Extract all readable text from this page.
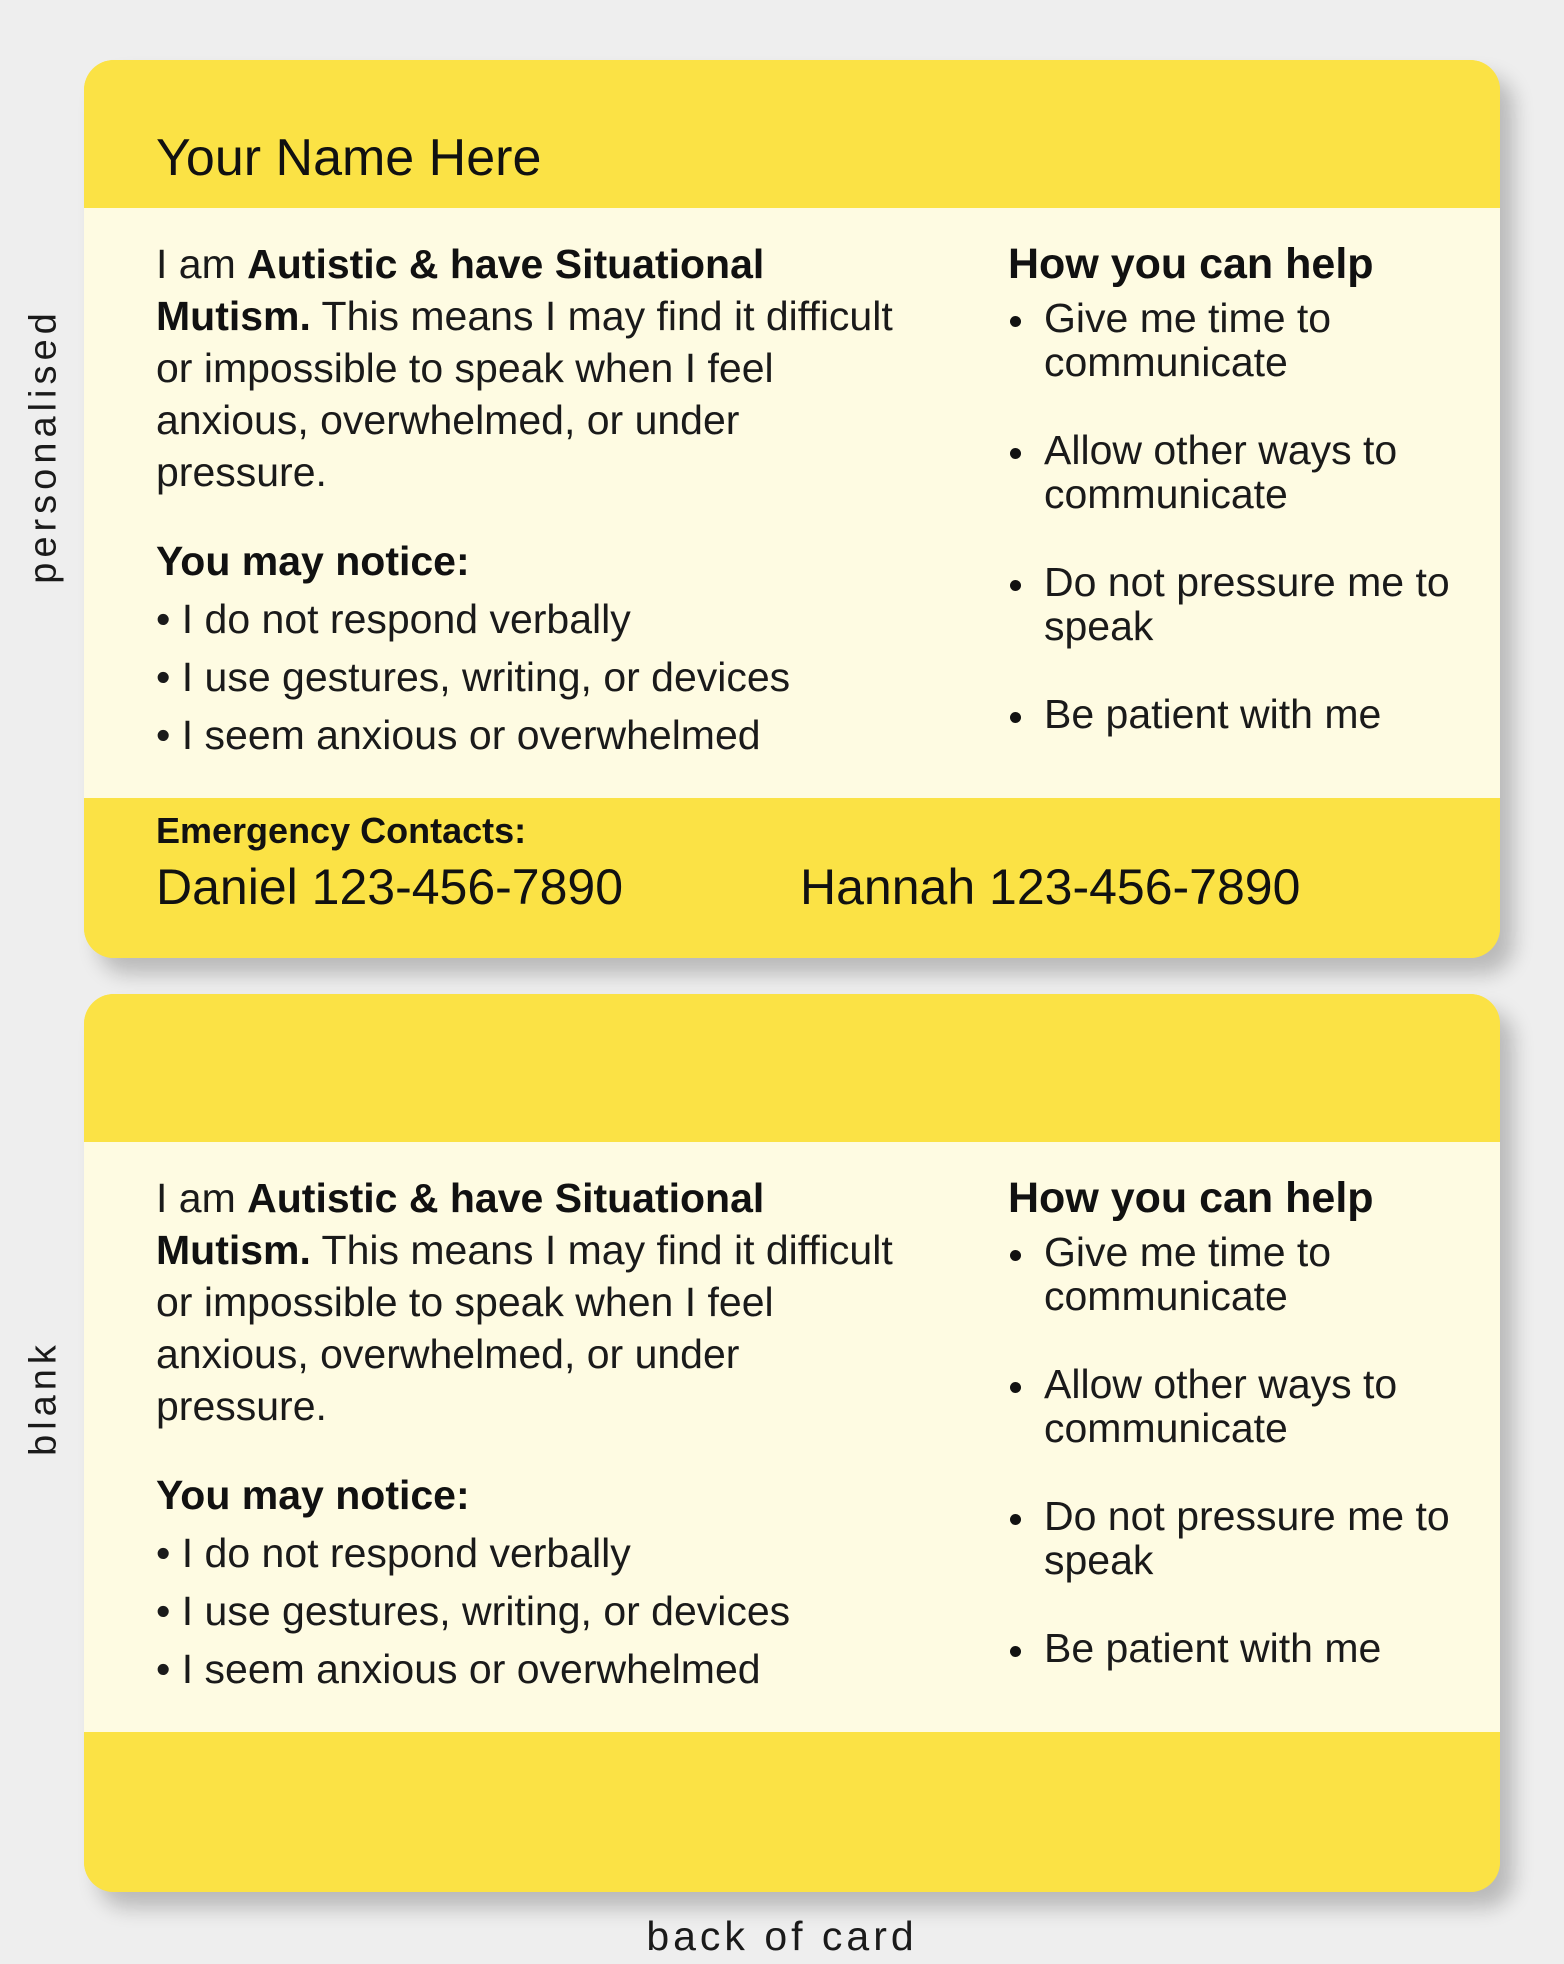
personalised
blank
Your Name Here

I am Autistic & have Situational Mutism. This means I may find it difficult or impossible to speak when I feel anxious, overwhelmed, or under pressure.

You may notice:
• I do not respond verbally
• I use gestures, writing, or devices
• I seem anxious or overwhelmed
How you can help
Give me time to communicate
Allow other ways to communicate
Do not pressure me to speak
Be patient with me
Emergency Contacts:
Daniel 123-456-7890	Hannah 123-456-7890

I am Autistic & have Situational Mutism. This means I may find it difficult or impossible to speak when I feel anxious, overwhelmed, or under pressure.

You may notice:
• I do not respond verbally
• I use gestures, writing, or devices
• I seem anxious or overwhelmed
How you can help
Give me time to communicate
Allow other ways to communicate
Do not pressure me to speak
Be patient with me
back of card
